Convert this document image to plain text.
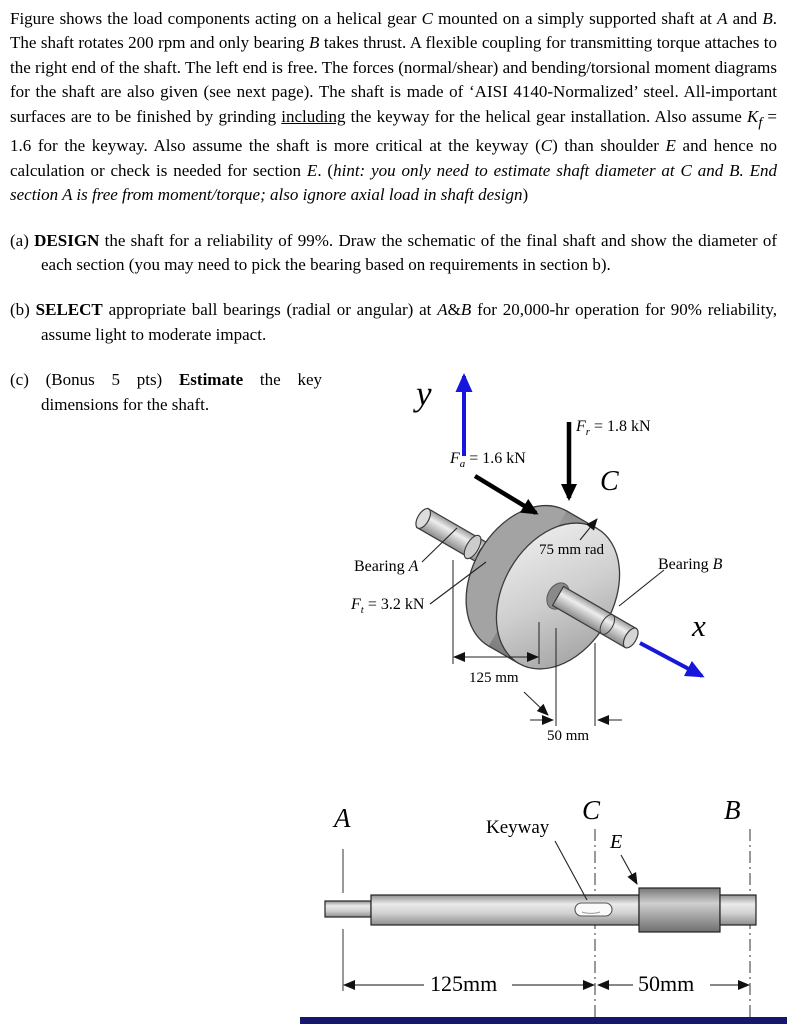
Figure shows the load components acting on a helical gear C mounted on a simply supported shaft at A and B. The shaft rotates 200 rpm and only bearing B takes thrust. A flexible coupling for transmitting torque attaches to the right end of the shaft. The left end is free. The forces (normal/shear) and bending/torsional moment diagrams for the shaft are also given (see next page). The shaft is made of ‘AISI 4140-Normalized’ steel. All-important surfaces are to be finished by grinding including the keyway for the helical gear installation. Also assume $K_f = 1.6$ for the keyway. Also assume the shaft is more critical at the keyway (C) than shoulder E and hence no calculation or check is needed for section E. (hint: you only need to estimate shaft diameter at C and B. End section A is free from moment/torque; also ignore axial load in shaft design)

(a) DESIGN the shaft for a reliability of 99%. Draw the schematic of the final shaft and show the diameter of each section (you may need to pick the bearing based on requirements in section b).

(b) SELECT appropriate ball bearings (radial or angular) at A&B for 20,000-hr operation for 90% reliability, assume light to moderate impact.

(c) (Bonus 5 pts) Estimate the key dimensions for the shaft.	y
$F_r = 1.8$ kN
$F_a = 1.6$ kN
C
75 mm rad
Bearing A	Bearing B
$F_t = 3.2$ kN
125 mm
50 mm
x
A	Keyway
C
E
B
125mm	50mm
